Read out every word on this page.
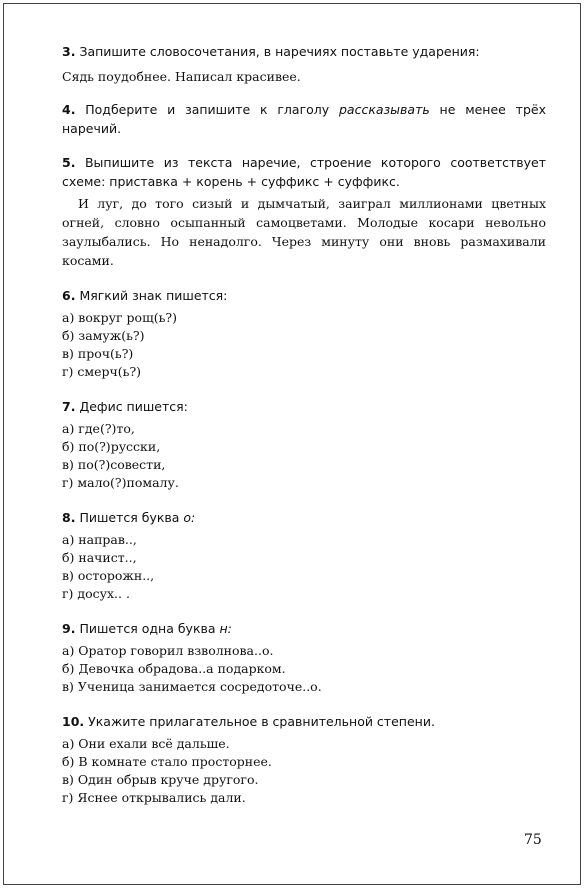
3. Запишите словосочетания, в наречиях поставьте ударения:
Сядь поудобнее. Написал красивее.
4. Подберите и запишите к глаголу рассказывать не менее трёх наречий.
5. Выпишите из текста наречие, строение которого соответствует схеме: приставка + корень + суффикс + суффикс.
И луг, до того сизый и дымчатый, заиграл миллионами цветных огней, словно осыпанный самоцветами. Молодые косари невольно заулыбались. Но ненадолго. Через минуту они вновь размахивали косами.
6. Мягкий знак пишется:
а) вокруг рощ(ь?)
б) замуж(ь?)
в) проч(ь?)
г) смерч(ь?)
7. Дефис пишется:
а) где(?)то,
б) по(?)русски,
в) по(?)совести,
г) мало(?)помалу.
8. Пишется буква о:
а) направ..,
б) начист..,
в) осторожн..,
г) досух.. .
9. Пишется одна буква н:
а) Оратор говорил взволнова..о.
б) Девочка обрадова..а подарком.
в) Ученица занимается сосредоточе..о.
10. Укажите прилагательное в сравнительной степени.
а) Они ехали всё дальше.
б) В комнате стало просторнее.
в) Один обрыв круче другого.
г) Яснее открывались дали.
75
